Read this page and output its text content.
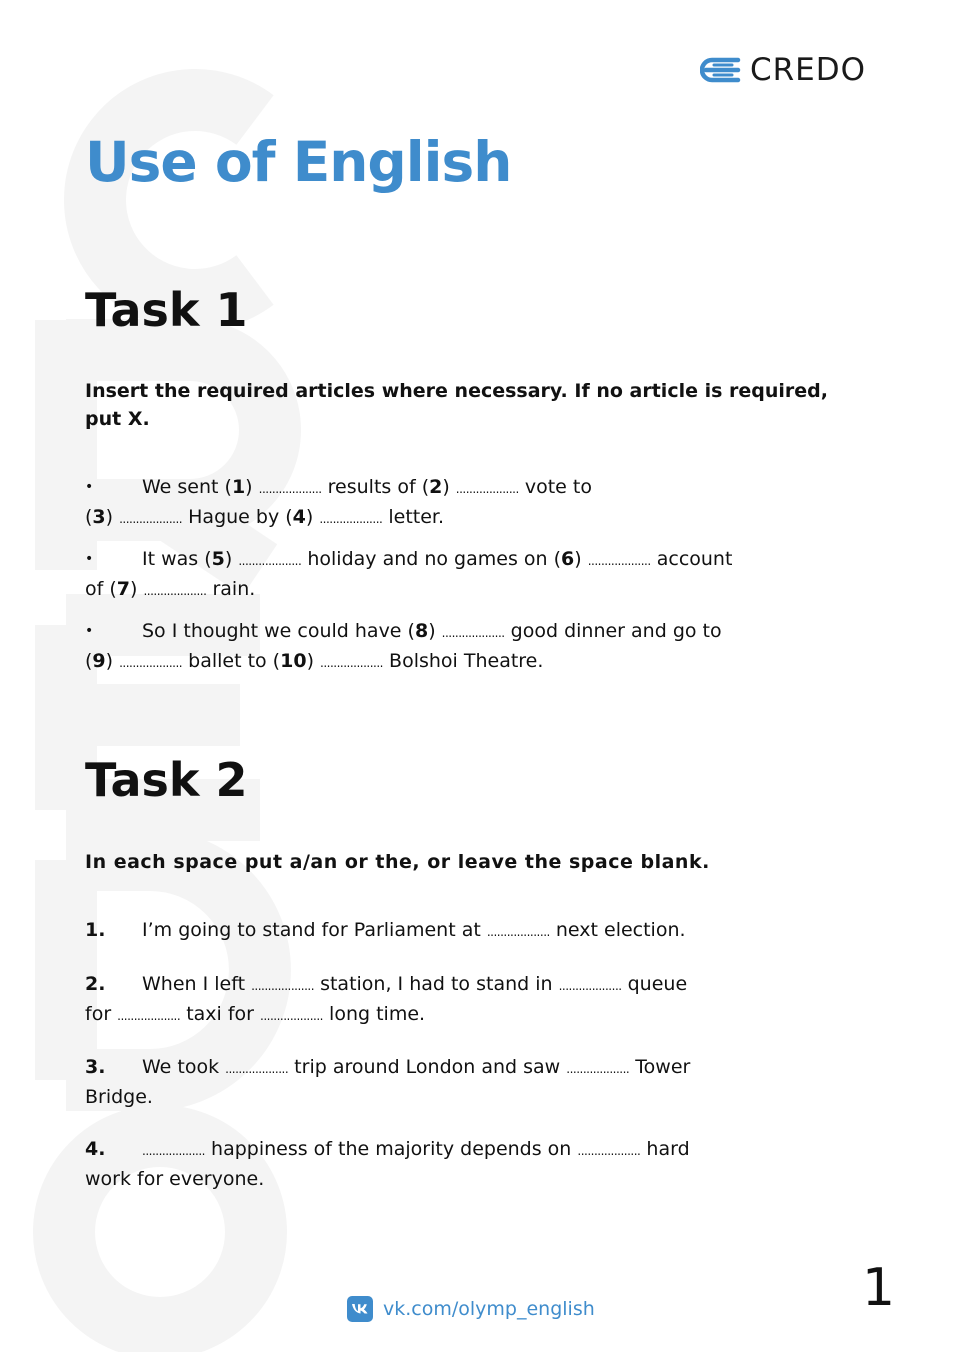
CREDO
Use of English
Task 1

Insert the required articles where necessary. If no article is required, put X.

•	We sent (1) ................... results of (2) ................... vote to
(3) ................... Hague by (4) ................... letter.

•	It was (5) ................... holiday and no games on (6) ................... account
of (7) ................... rain.

•	So I thought we could have (8) ................... good dinner and go to
(9) ................... ballet to (10) ................... Bolshoi Theatre.

Task 2

In each space put a/an or the, or leave the space blank.

1. I’m going to stand for Parliament at ................... next election.

2. When I left ................... station, I had to stand in ................... queue
for ................... taxi for ................... long time.

3. We took ................... trip around London and saw ................... Tower
Bridge.

4.	................... happiness of the majority depends on ................... hard
work for everyone.

vk.com/olymp_english	1
